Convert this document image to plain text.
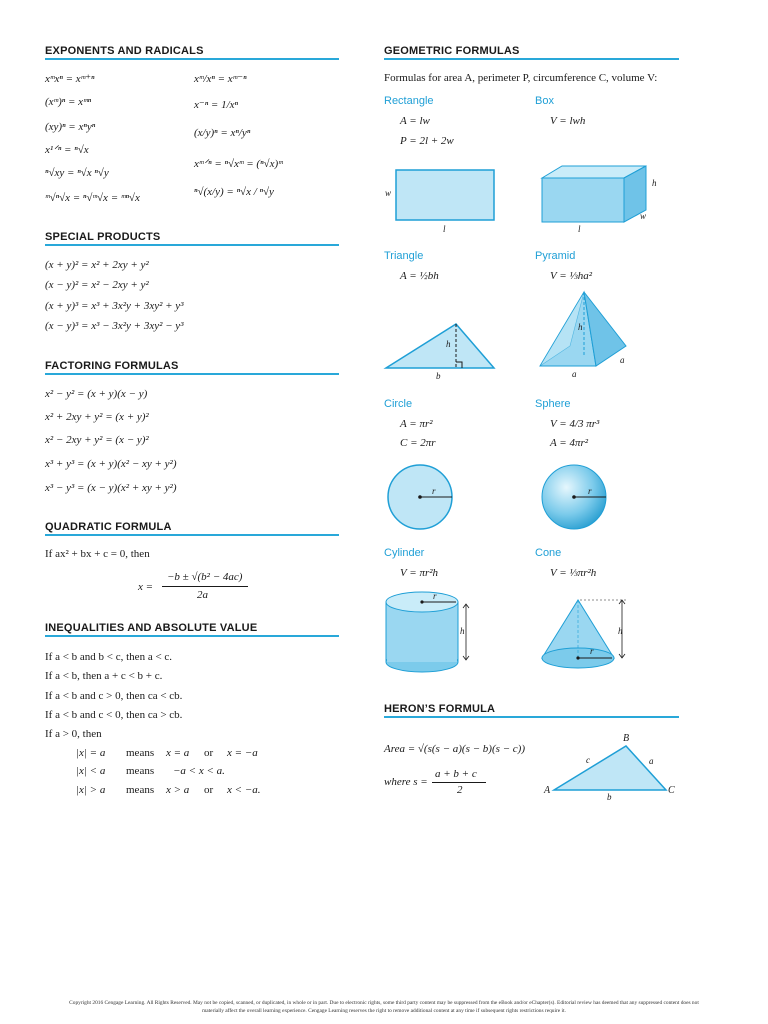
EXPONENTS AND RADICALS
xᵐxⁿ = xᵐ⁺ⁿ
(xᵐ)ⁿ = xᵐⁿ
(xy)ⁿ = xⁿyⁿ
x¹ᐟⁿ = ⁿ√x
ⁿ√xy = ⁿ√x ⁿ√y
ᵐ√ⁿ√x = ⁿ√ᵐ√x = ᵐⁿ√x
xᵐ/xⁿ = xᵐ⁻ⁿ
x⁻ⁿ = 1/xⁿ
(x/y)ⁿ = xⁿ/yⁿ
xᵐᐟⁿ = ⁿ√xᵐ = (ⁿ√x)ᵐ
ⁿ√(x/y) = ⁿ√x / ⁿ√y
SPECIAL PRODUCTS
(x + y)² = x² + 2xy + y²
(x − y)² = x² − 2xy + y²
(x + y)³ = x³ + 3x²y + 3xy² + y³
(x − y)³ = x³ − 3x²y + 3xy² − y³
FACTORING FORMULAS
x² − y² = (x + y)(x − y)
x² + 2xy + y² = (x + y)²
x² − 2xy + y² = (x − y)²
x³ + y³ = (x + y)(x² − xy + y²)
x³ − y³ = (x − y)(x² + xy + y²)
QUADRATIC FORMULA
If ax² + bx + c = 0, then
x =
−b ± √(b² − 4ac)
2a
INEQUALITIES AND ABSOLUTE VALUE
If a < b and b < c, then a < c.
If a < b, then a + c < b + c.
If a < b and c > 0, then ca < cb.
If a < b and c < 0, then ca > cb.
If a > 0, then
|x| = a means x = a or x = −a
|x| < a means −a < x < a.
|x| > a means x > a or x < −a.
GEOMETRIC FORMULAS
Formulas for area A, perimeter P, circumference C, volume V:
Rectangle
A = lw
P = 2l + 2w
w
l
Box
V = lwh
h
w
l
Triangle
A = ½bh
h
b
Pyramid
V = ⅓ha²
h
a
a
Circle
A = πr²
C = 2πr
r
Sphere
V = 4/3 πr³
A = 4πr²
r
Cylinder
V = πr²h
r
h
Cone
V = ⅓πr²h
r
h
HERON’S FORMULA
Area = √(s(s − a)(s − b)(s − c))
where s =
a + b + c
2	A
B
C
a
b
c
Copyright 2016 Cengage Learning. All Rights Reserved. May not be copied, scanned, or duplicated, in whole or in part. Due to electronic rights, some third party content may be suppressed from the eBook and/or eChapter(s). Editorial review has deemed that any suppressed content does not materially affect the overall learning experience. Cengage Learning reserves the right to remove additional content at any time if subsequent rights restrictions require it.
